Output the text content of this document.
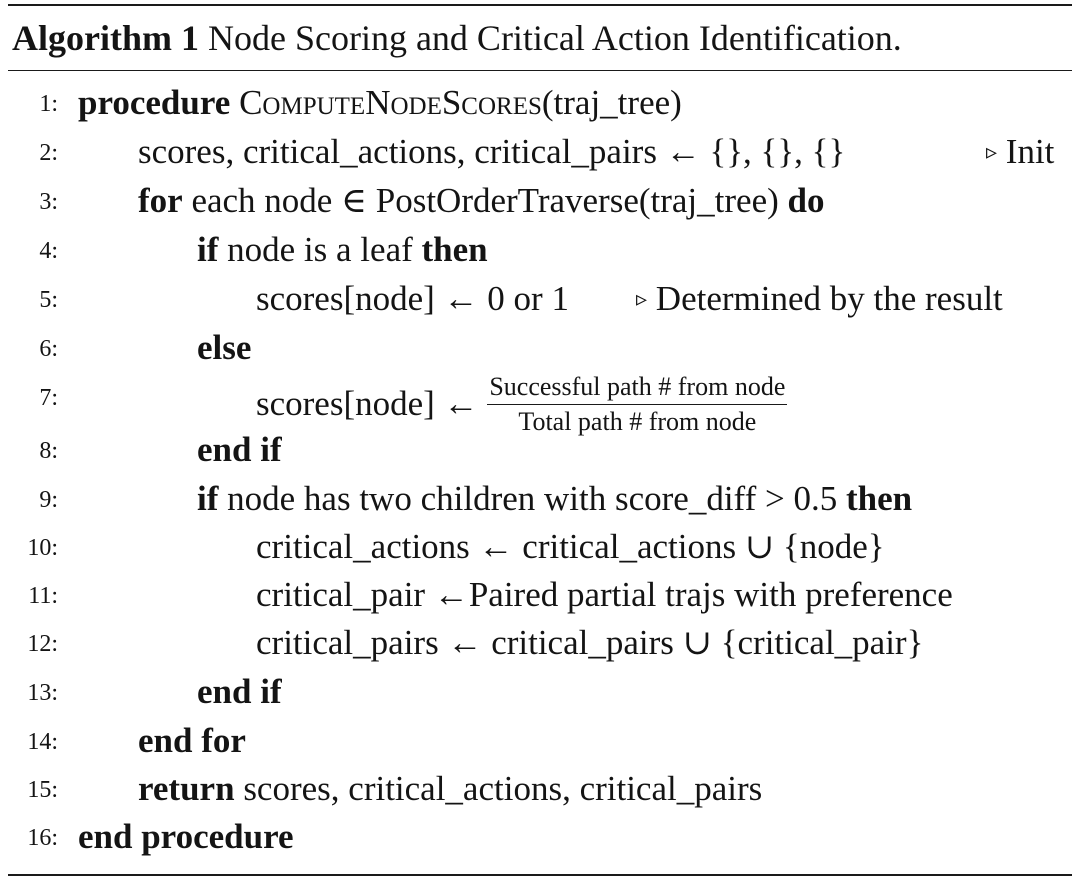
Algorithm 1 Node Scoring and Critical Action Identification.
1: procedure ComputeNodeScores(traj_tree)
2: scores, critical_actions, critical_pairs ← {}, {}, {}	▹ Init
3: for each node ∈ PostOrderTraverse(traj_tree) do
4:	if node is a leaf then
5:	scores[node] ← 0 or 1	▹ Determined by the result
6:	else
7:	scores[node] ← $\frac{\text{Successful path \# from node}}{\text{Total path \# from node}}$
8:	end if
9:	if node has two children with score_diff > 0.5 then
10:	critical_actions ← critical_actions ∪ {node}
11:	critical_pair ←Paired partial trajs with preference
12:	critical_pairs ← critical_pairs ∪ {critical_pair}
13:	end if
14: end for
15: return scores, critical_actions, critical_pairs
16: end procedure
